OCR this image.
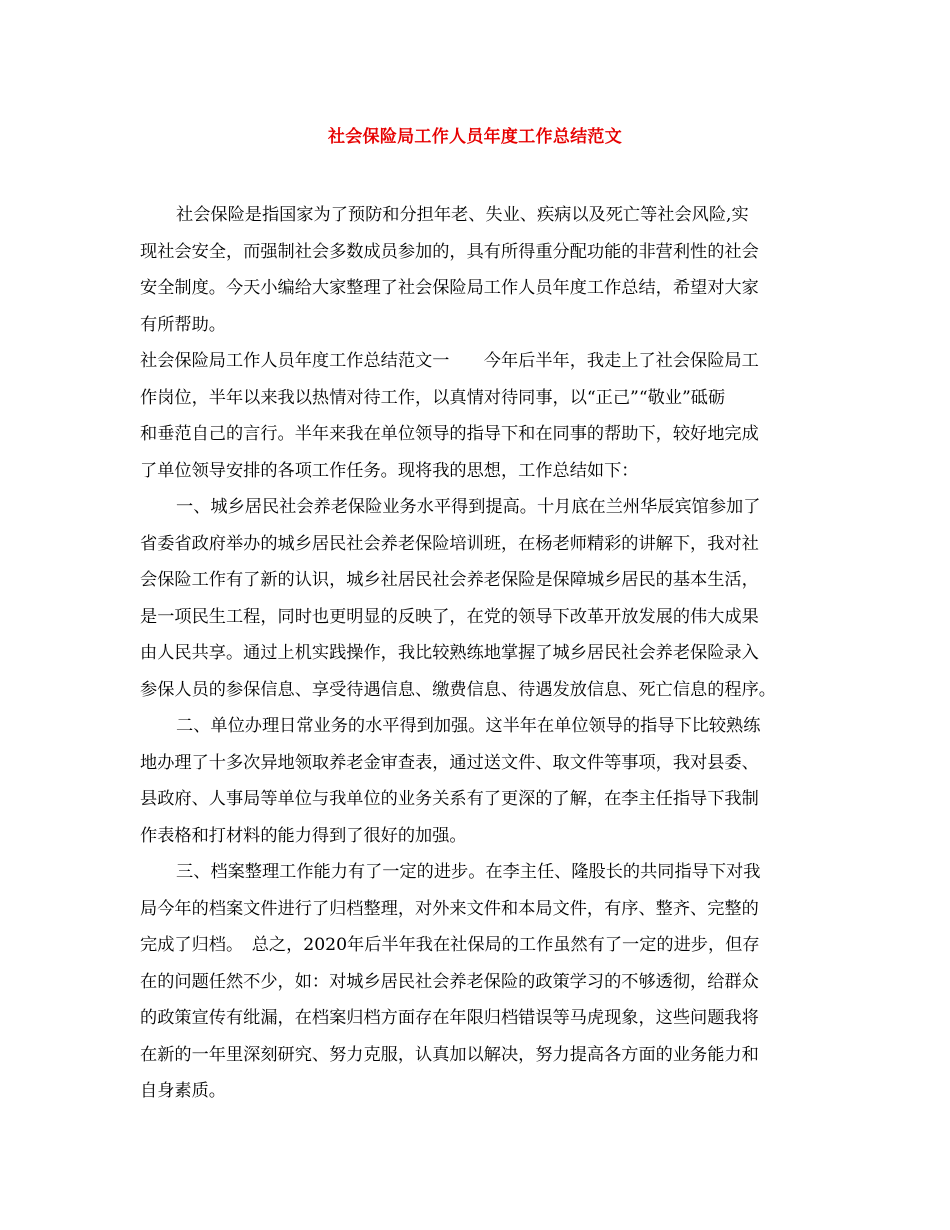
社会保险局工作人员年度工作总结范文
社会保险是指国家为了预防和分担年老、失业、疾病以及死亡等社会风险,实
现社会安全，而强制社会多数成员参加的，具有所得重分配功能的非营利性的社会
安全制度。今天小编给大家整理了社会保险局工作人员年度工作总结，希望对大家
有所帮助。
社会保险局工作人员年度工作总结范文一　　今年后半年，我走上了社会保险局工
作岗位，半年以来我以热情对待工作，以真情对待同事，以“正己”“敬业”砥砺
和垂范自己的言行。半年来我在单位领导的指导下和在同事的帮助下，较好地完成
了单位领导安排的各项工作任务。现将我的思想，工作总结如下：
一、城乡居民社会养老保险业务水平得到提高。十月底在兰州华辰宾馆参加了
省委省政府举办的城乡居民社会养老保险培训班，在杨老师精彩的讲解下，我对社
会保险工作有了新的认识，城乡社居民社会养老保险是保障城乡居民的基本生活，
是一项民生工程，同时也更明显的反映了，在党的领导下改革开放发展的伟大成果
由人民共享。通过上机实践操作，我比较熟练地掌握了城乡居民社会养老保险录入
参保人员的参保信息、享受待遇信息、缴费信息、待遇发放信息、死亡信息的程序。
二、单位办理日常业务的水平得到加强。这半年在单位领导的指导下比较熟练
地办理了十多次异地领取养老金审查表，通过送文件、取文件等事项，我对县委、
县政府、人事局等单位与我单位的业务关系有了更深的了解，在李主任指导下我制
作表格和打材料的能力得到了很好的加强。
三、档案整理工作能力有了一定的进步。在李主任、隆股长的共同指导下对我
局今年的档案文件进行了归档整理，对外来文件和本局文件，有序、整齐、完整的
完成了归档。　总之，2020年后半年我在社保局的工作虽然有了一定的进步，但存
在的问题任然不少，如：对城乡居民社会养老保险的政策学习的不够透彻，给群众
的政策宣传有纰漏，在档案归档方面存在年限归档错误等马虎现象，这些问题我将
在新的一年里深刻研究、努力克服，认真加以解决，努力提高各方面的业务能力和
自身素质。
